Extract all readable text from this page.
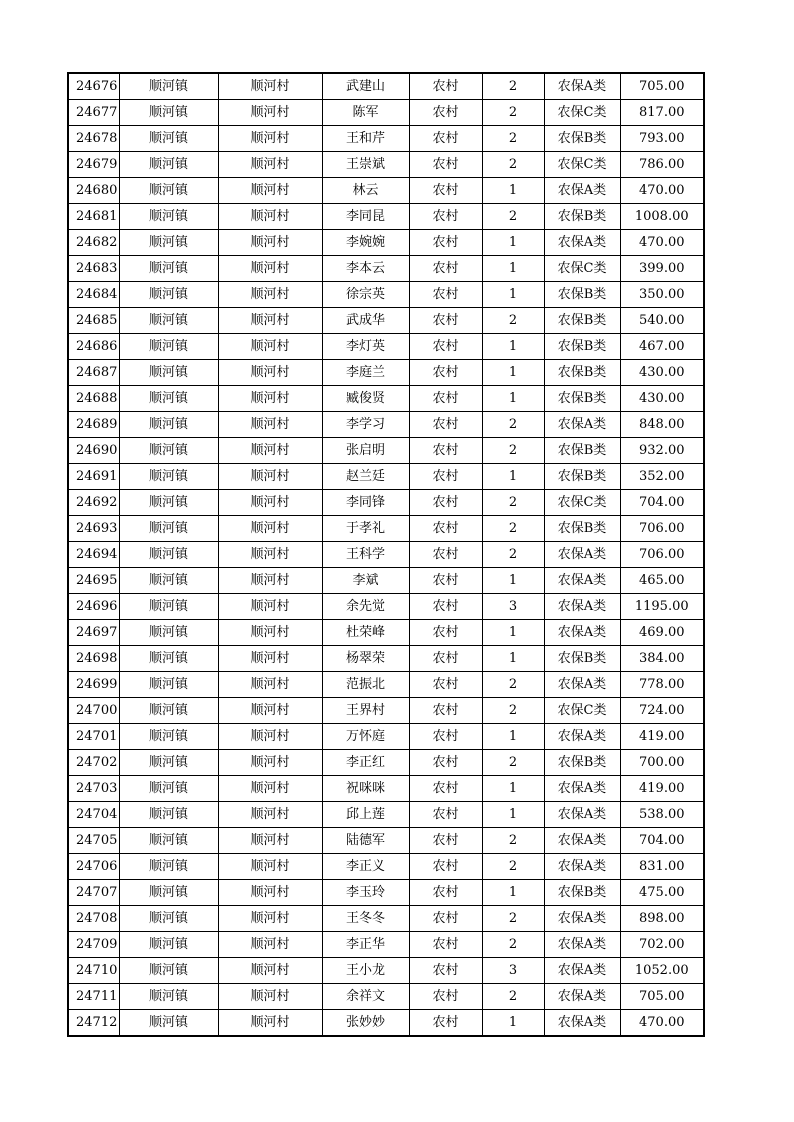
24676	顺河镇	顺河村	武建山	农村	2	农保A类	705.00
24677	顺河镇	顺河村	陈军	农村	2	农保C类	817.00
24678	顺河镇	顺河村	王和芹	农村	2	农保B类	793.00
24679	顺河镇	顺河村	王崇斌	农村	2	农保C类	786.00
24680	顺河镇	顺河村	林云	农村	1	农保A类	470.00
24681	顺河镇	顺河村	李同昆	农村	2	农保B类	1008.00
24682	顺河镇	顺河村	李婉婉	农村	1	农保A类	470.00
24683	顺河镇	顺河村	李本云	农村	1	农保C类	399.00
24684	顺河镇	顺河村	徐宗英	农村	1	农保B类	350.00
24685	顺河镇	顺河村	武成华	农村	2	农保B类	540.00
24686	顺河镇	顺河村	李灯英	农村	1	农保B类	467.00
24687	顺河镇	顺河村	李庭兰	农村	1	农保B类	430.00
24688	顺河镇	顺河村	臧俊贤	农村	1	农保B类	430.00
24689	顺河镇	顺河村	李学习	农村	2	农保A类	848.00
24690	顺河镇	顺河村	张启明	农村	2	农保B类	932.00
24691	顺河镇	顺河村	赵兰廷	农村	1	农保B类	352.00
24692	顺河镇	顺河村	李同锋	农村	2	农保C类	704.00
24693	顺河镇	顺河村	于孝礼	农村	2	农保B类	706.00
24694	顺河镇	顺河村	王科学	农村	2	农保A类	706.00
24695	顺河镇	顺河村	李斌	农村	1	农保A类	465.00
24696	顺河镇	顺河村	余先觉	农村	3	农保A类	1195.00
24697	顺河镇	顺河村	杜荣峰	农村	1	农保A类	469.00
24698	顺河镇	顺河村	杨翠荣	农村	1	农保B类	384.00
24699	顺河镇	顺河村	范振北	农村	2	农保A类	778.00
24700	顺河镇	顺河村	王界村	农村	2	农保C类	724.00
24701	顺河镇	顺河村	万怀庭	农村	1	农保A类	419.00
24702	顺河镇	顺河村	李正红	农村	2	农保B类	700.00
24703	顺河镇	顺河村	祝咪咪	农村	1	农保A类	419.00
24704	顺河镇	顺河村	邱上莲	农村	1	农保A类	538.00
24705	顺河镇	顺河村	陆德军	农村	2	农保A类	704.00
24706	顺河镇	顺河村	李正义	农村	2	农保A类	831.00
24707	顺河镇	顺河村	李玉玲	农村	1	农保B类	475.00
24708	顺河镇	顺河村	王冬冬	农村	2	农保A类	898.00
24709	顺河镇	顺河村	李正华	农村	2	农保A类	702.00
24710	顺河镇	顺河村	王小龙	农村	3	农保A类	1052.00
24711	顺河镇	顺河村	余祥文	农村	2	农保A类	705.00
24712	顺河镇	顺河村	张妙妙	农村	1	农保A类	470.00
